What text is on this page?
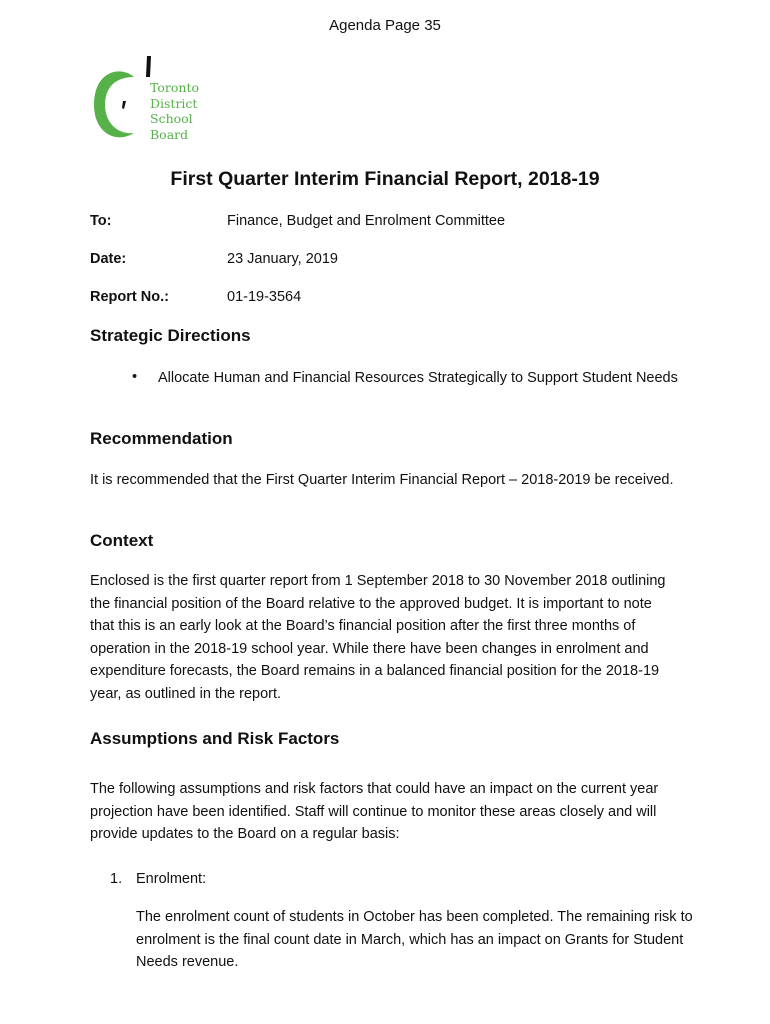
Agenda Page 35
Toronto
District
School
Board
First Quarter Interim Financial Report, 2018-19
To:	Finance, Budget and Enrolment Committee
Date:	23 January, 2019
Report No.:	01-19-3564
Strategic Directions
• Allocate Human and Financial Resources Strategically to Support Student Needs
Recommendation

It is recommended that the First Quarter Interim Financial Report – 2018-2019 be received.

Context

Enclosed is the first quarter report from 1 September 2018 to 30 November 2018 outlining the financial position of the Board relative to the approved budget. It is important to note that this is an early look at the Board’s financial position after the first three months of operation in the 2018-19 school year. While there have been changes in enrolment and expenditure forecasts, the Board remains in a balanced financial position for the 2018-19 year, as outlined in the report.

Assumptions and Risk Factors

The following assumptions and risk factors that could have an impact on the current year projection have been identified. Staff will continue to monitor these areas closely and will provide updates to the Board on a regular basis:

1. Enrolment:

The enrolment count of students in October has been completed. The remaining risk to enrolment is the final count date in March, which has an impact on Grants for Student Needs revenue.
